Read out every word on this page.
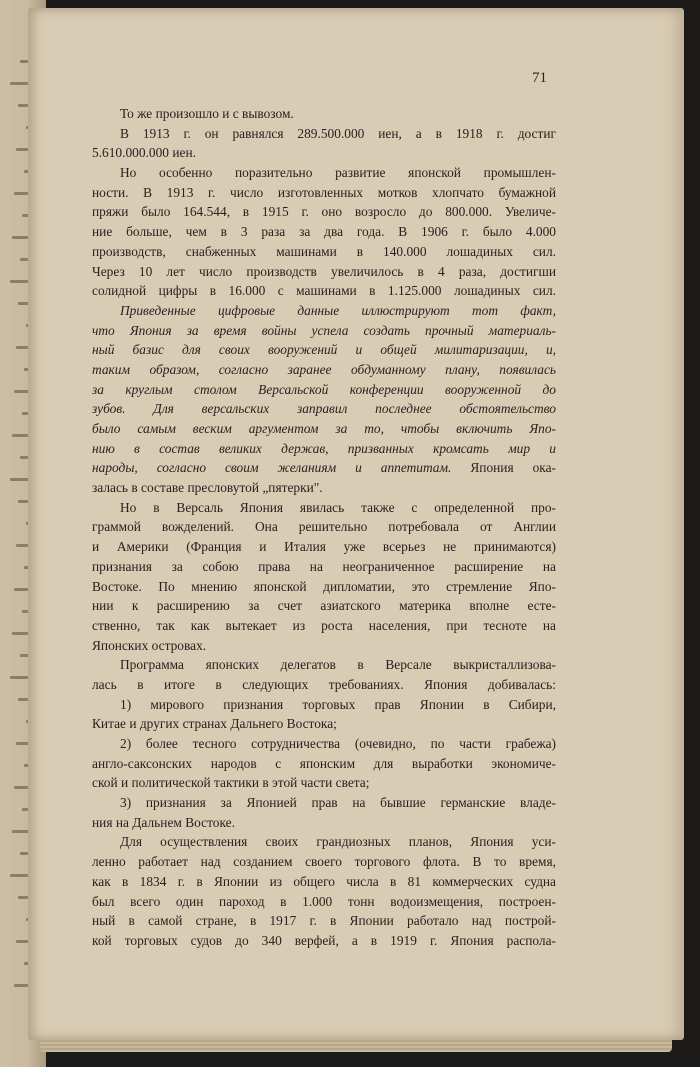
71
То же произошло и с вывозом.
В 1913 г. он равнялся 289.500.000 иен, а в 1918 г. достиг
5.610.000.000 иен.
Но особенно поразительно развитие японской промышлен-
ности. В 1913 г. число изготовленных мотков хлопчато бумажной
пряжи было 164.544, в 1915 г. оно возросло до 800.000. Увеличе-
ние больше, чем в 3 раза за два года. В 1906 г. было 4.000
производств, снабженных машинами в 140.000 лошадиных сил.
Через 10 лет число производств увеличилось в 4 раза, достигши
солидной цифры в 16.000 с машинами в 1.125.000 лошадиных сил.
Приведенные цифровые данные иллюстрируют тот факт,
что Япония за время войны успела создать прочный материаль-
ный базис для своих вооружений и общей милитаризации, и,
таким образом, согласно заранее обдуманному плану, появилась
за круглым столом Версальской конференции вооруженной до
зубов. Для версальских заправил последнее обстоятельство
было самым веским аргументом за то, чтобы включить Япо-
нию в состав великих держав, призванных кромсать мир и
народы, согласно своим желаниям и аппетитам. Япония ока-
залась в составе пресловутой „пятерки".
Но в Версаль Япония явилась также с определенной про-
граммой вожделений. Она решительно потребовала от Англии
и Америки (Франция и Италия уже всерьез не принимаются)
признания за собою права на неограниченное расширение на
Востоке. По мнению японской дипломатии, это стремление Япо-
нии к расширению за счет азиатского материка вполне есте-
ственно, так как вытекает из роста населения, при тесноте на
Японских островах.
Программа японских делегатов в Версале выкристаллизова-
лась в итоге в следующих требованиях. Япония добивалась:
1) мирового признания торговых прав Японии в Сибири,
Китае и других странах Дальнего Востока;
2) более тесного сотрудничества (очевидно, по части грабежа)
англо-саксонских народов с японским для выработки экономиче-
ской и политической тактики в этой части света;
3) признания за Японией прав на бывшие германские владе-
ния на Дальнем Востоке.
Для осуществления своих грандиозных планов, Япония уси-
ленно работает над созданием своего торгового флота. В то время,
как в 1834 г. в Японии из общего числа в 81 коммерческих судна
был всего один пароход в 1.000 тонн водоизмещения, построен-
ный в самой стране, в 1917 г. в Японии работало над построй-
кой торговых судов до 340 верфей, а в 1919 г. Япония распола-
